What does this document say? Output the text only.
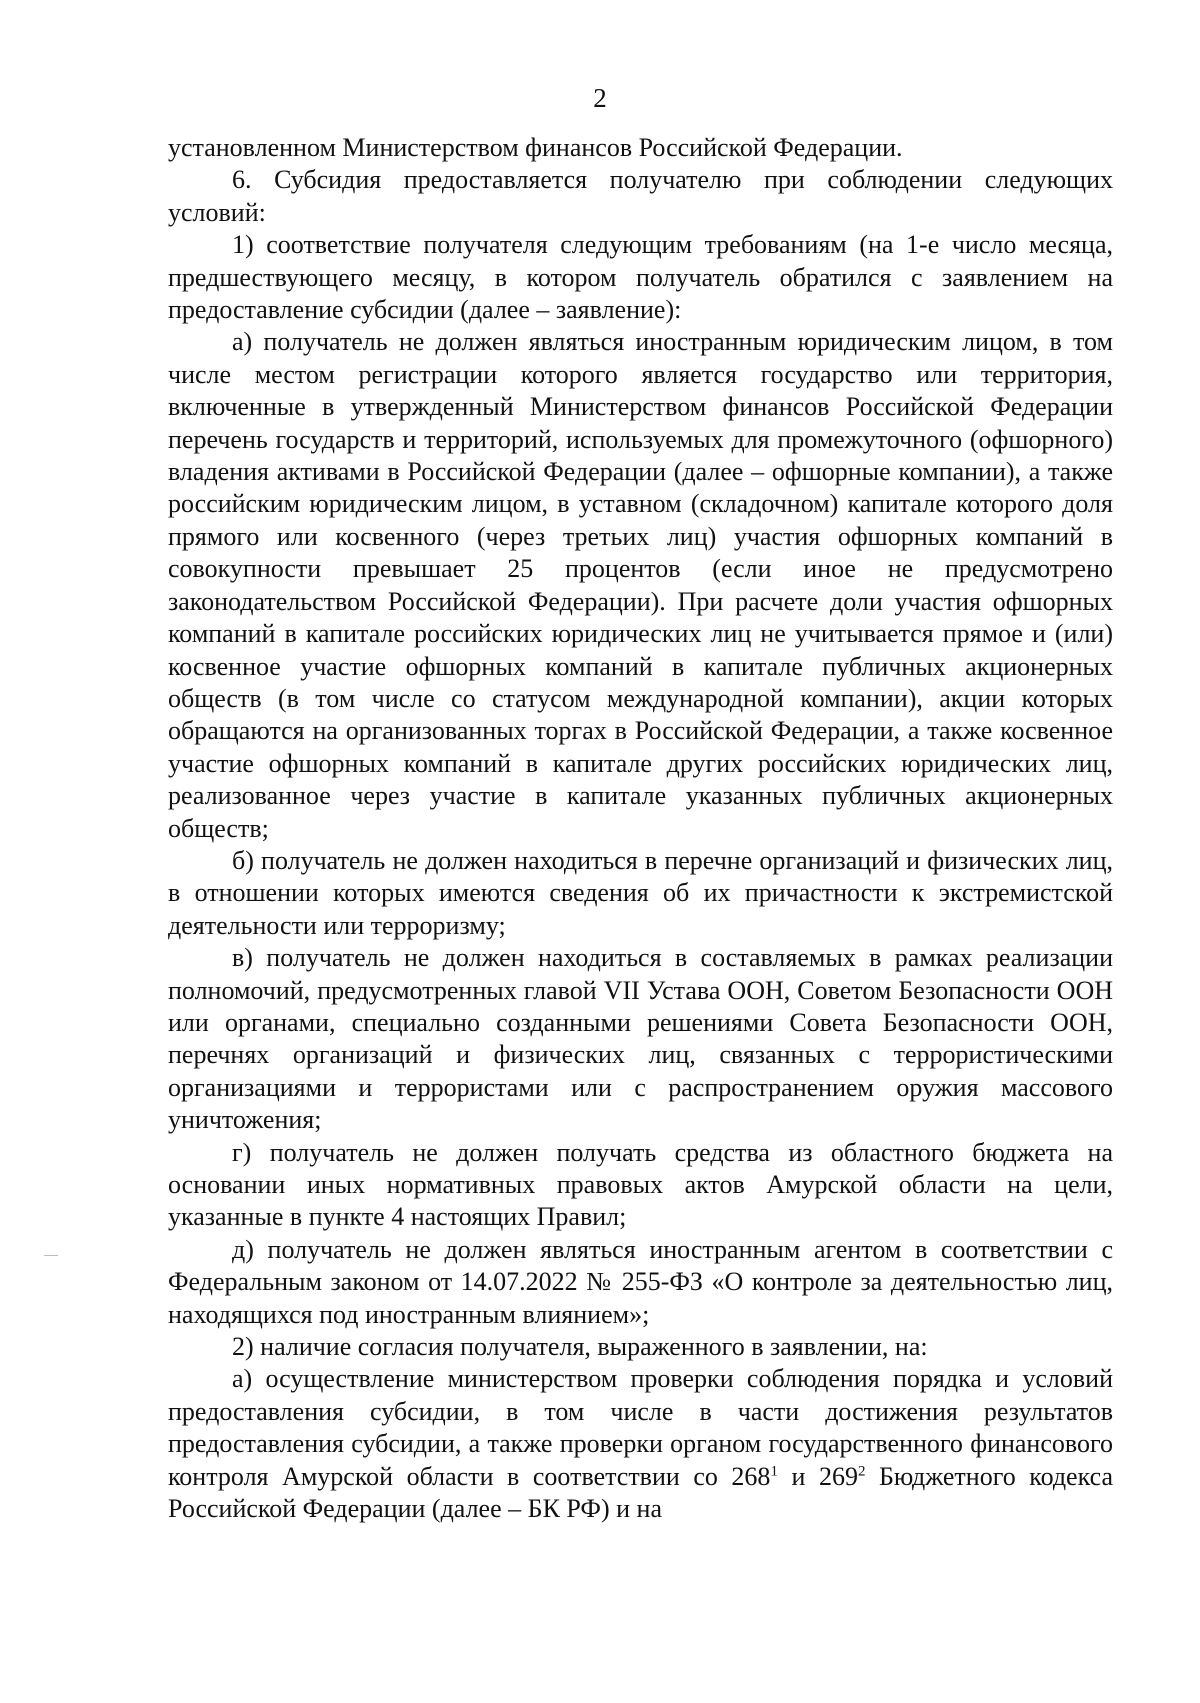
2

установленном Министерством финансов Российской Федерации.

6. Субсидия предоставляется получателю при соблюдении следующих условий:

1) соответствие получателя следующим требованиям (на 1-е число месяца, предшествующего месяцу, в котором получатель обратился с заявлением на предоставление субсидии (далее – заявление):

а) получатель не должен являться иностранным юридическим лицом, в том числе местом регистрации которого является государство или территория, включенные в утвержденный Министерством финансов Российской Федерации перечень государств и территорий, используемых для промежуточного (офшорного) владения активами в Российской Федерации (далее – офшорные компании), а также российским юридическим лицом, в уставном (складочном) капитале которого доля прямого или косвенного (через третьих лиц) участия офшорных компаний в совокупности превышает 25 процентов (если иное не предусмотрено законодательством Российской Федерации). При расчете доли участия офшорных компаний в капитале российских юридических лиц не учитывается прямое и (или) косвенное участие офшорных компаний в капитале публичных акционерных обществ (в том числе со статусом международной компании), акции которых обращаются на организованных торгах в Российской Федерации, а также косвенное участие офшорных компаний в капитале других российских юридических лиц, реализованное через участие в капитале указанных публичных акционерных обществ;

б) получатель не должен находиться в перечне организаций и физических лиц, в отношении которых имеются сведения об их причастности к экстремистской деятельности или терроризму;

в) получатель не должен находиться в составляемых в рамках реализации полномочий, предусмотренных главой VII Устава ООН, Советом Безопасности ООН или органами, специально созданными решениями Совета Безопасности ООН, перечнях организаций и физических лиц, связанных с террористическими организациями и террористами или с распространением оружия массового уничтожения;

г) получатель не должен получать средства из областного бюджета на основании иных нормативных правовых актов Амурской области на цели, указанные в пункте 4 настоящих Правил;

д) получатель не должен являться иностранным агентом в соответствии с Федеральным законом от 14.07.2022 № 255-ФЗ «О контроле за деятельностью лиц, находящихся под иностранным влиянием»;

2) наличие согласия получателя, выраженного в заявлении, на:

а) осуществление министерством проверки соблюдения порядка и условий предоставления субсидии, в том числе в части достижения результатов предоставления субсидии, а также проверки органом государственного финансового контроля Амурской области в соответствии со $268^1$ и $269^2$ Бюджетного кодекса Российской Федерации (далее – БК РФ) и на
